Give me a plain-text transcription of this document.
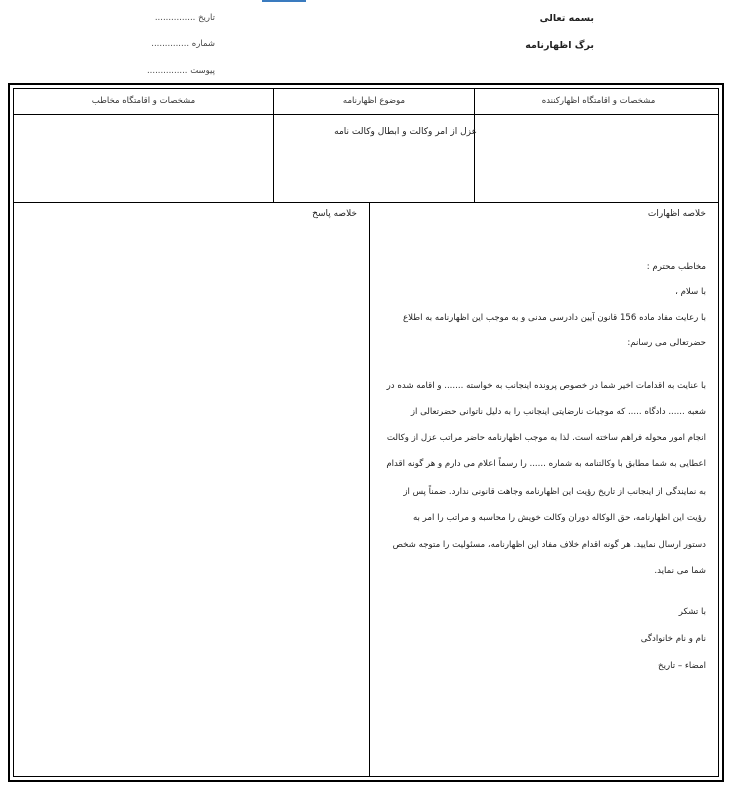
بسمه تعالی
برگ اظهارنامه
تاریخ ...............
شماره ..............
پیوست ...............
مشخصات و اقامتگاه مخاطب	موضوع اظهارنامه	مشخصات و اقامتگاه اظهارکننده
عزل از امر وکالت و ابطال وکالت نامه
خلاصه اظهارات
خلاصه پاسخ
مخاطب محترم :
با سلام ،
با رعایت مفاد ماده 156 قانون آیین دادرسی مدنی و به موجب این اظهارنامه به اطلاع
حضرتعالی می رسانم:
با عنایت به اقدامات اخیر شما در خصوص پرونده اینجانب به خواسته ....... و اقامه شده در
شعبه ...... دادگاه ..... که موجبات نارضایتی اینجانب را به دلیل ناتوانی حضرتعالی از
انجام امور محوله فراهم ساخته است. لذا به موجب اظهارنامه حاضر مراتب عزل از وکالت
اعطایی به شما مطابق با وکالتنامه به شماره ...... را رسماً اعلام می دارم و هر گونه اقدام
به نمایندگی از اینجانب از تاریخ رؤیت این اظهارنامه وجاهت قانونی ندارد. ضمناً پس از
رؤیت این اظهارنامه، حق الوکاله دوران وکالت خویش را محاسبه و مراتب را امر به
دستور ارسال نمایید. هر گونه اقدام خلاف مفاد این اظهارنامه، مسئولیت را متوجه شخص
شما می نماید.
با تشکر
نام و نام خانوادگی
امضاء – تاریخ
